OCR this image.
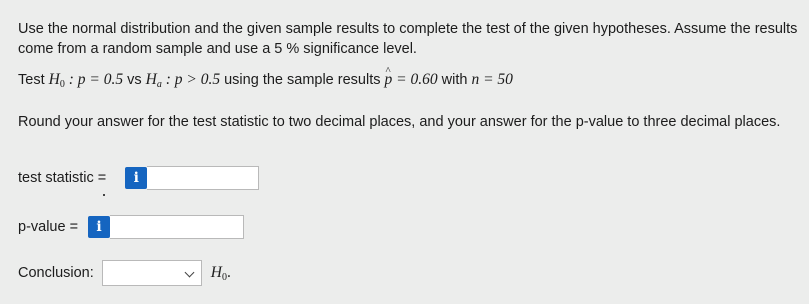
Use the normal distribution and the given sample results to complete the test of the given hypotheses. Assume the results come from a random sample and use a 5 % significance level.
Test $H_0$ : p = 0.5 vs $H_a$ : p > 0.5 using the sample results ^ p = 0.60 with n = 50
Round your answer for the test statistic to two decimal places, and your answer for the p-value to three decimal places.
test statistic =	i
p-value =	i
Conclusion:	$H_0$.
